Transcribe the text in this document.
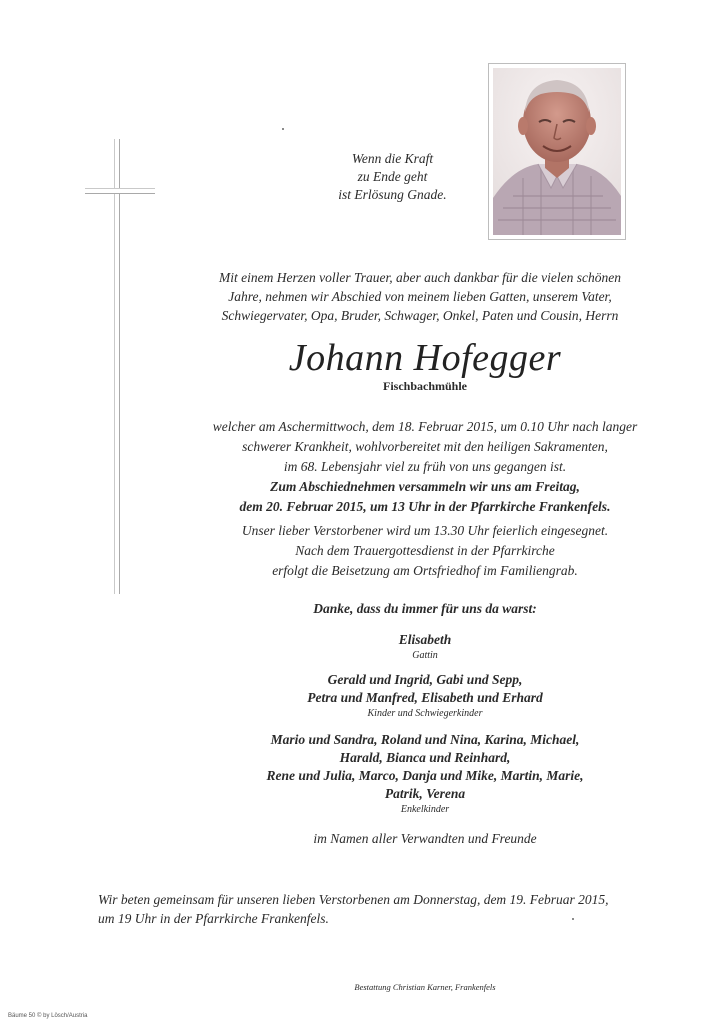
Wenn die Kraft
zu Ende geht
ist Erlösung Gnade.
Mit einem Herzen voller Trauer, aber auch dankbar für die vielen schönen
Jahre, nehmen wir Abschied von meinem lieben Gatten, unserem Vater,
Schwiegervater, Opa, Bruder, Schwager, Onkel, Paten und Cousin, Herrn
Johann Hofegger
Fischbachmühle
welcher am Aschermittwoch, dem 18. Februar 2015, um 0.10 Uhr nach langer
schwerer Krankheit, wohlvorbereitet mit den heiligen Sakramenten,
im 68. Lebensjahr viel zu früh von uns gegangen ist.
Zum Abschiednehmen versammeln wir uns am Freitag,
dem 20. Februar 2015, um 13 Uhr in der Pfarrkirche Frankenfels.
Unser lieber Verstorbener wird um 13.30 Uhr feierlich eingesegnet.
Nach dem Trauergottesdienst in der Pfarrkirche
erfolgt die Beisetzung am Ortsfriedhof im Familiengrab.
Danke, dass du immer für uns da warst:
Elisabeth
Gattin
Gerald und Ingrid, Gabi und Sepp,
Petra und Manfred, Elisabeth und Erhard
Kinder und Schwiegerkinder
Mario und Sandra, Roland und Nina, Karina, Michael,
Harald, Bianca und Reinhard,
Rene und Julia, Marco, Danja und Mike, Martin, Marie,
Patrik, Verena
Enkelkinder
im Namen aller Verwandten und Freunde
Wir beten gemeinsam für unseren lieben Verstorbenen am Donnerstag, dem 19. Februar 2015,
um 19 Uhr in der Pfarrkirche Frankenfels.
Bestattung Christian Karner, Frankenfels
Bäume 50 © by Lösch/Austria
